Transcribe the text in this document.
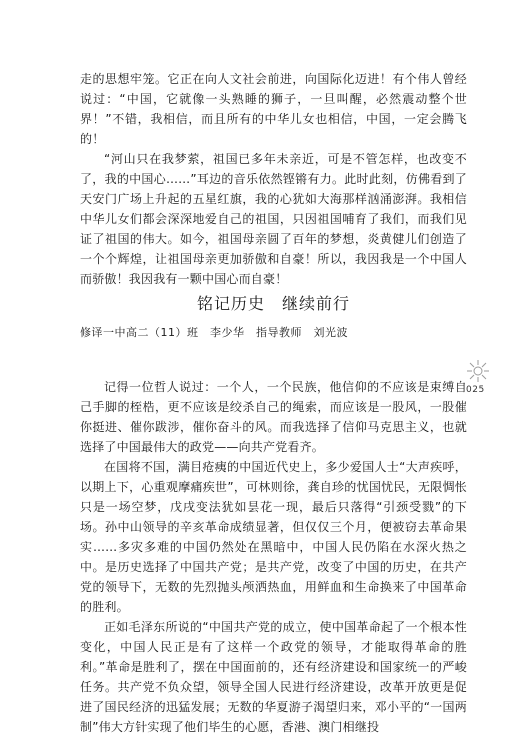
走的思想牢笼。它正在向人文社会前进，向国际化迈进！有个伟人曾经说过：“中国，它就像一头熟睡的狮子，一旦叫醒，必然震动整个世界！”不错，我相信，而且所有的中华儿女也相信，中国，一定会腾飞的！

“河山只在我梦萦，祖国已多年未亲近，可是不管怎样，也改变不了，我的中国心……”耳边的音乐依然铿锵有力。此时此刻，仿佛看到了天安门广场上升起的五星红旗，我的心犹如大海那样汹涌澎湃。我相信中华儿女们都会深深地爱自己的祖国，只因祖国哺育了我们，而我们见证了祖国的伟大。如今，祖国母亲圆了百年的梦想，炎黄健儿们创造了一个个辉煌，让祖国母亲更加骄傲和自豪！所以，我因我是一个中国人而骄傲！我因我有一颗中国心而自豪！

铭记历史　继续前行

修译一中高二（11）班　李少华　指导教师　刘光波

025

记得一位哲人说过：一个人，一个民族，他信仰的不应该是束缚自己手脚的桎梏，更不应该是绞杀自己的绳索，而应该是一股风，一股催你挺进、催你跋涉，催你奋斗的风。而我选择了信仰马克思主义，也就选择了中国最伟大的政党——向共产党看齐。

在国将不国，满目疮痍的中国近代史上，多少爱国人士“大声疾呼，以期上下，心重观摩痛疾世”，可林则徐，龚自珍的忧国忧民，无限惆怅只是一场空梦，戊戌变法犹如昙花一现，最后只落得“引颈受戮”的下场。孙中山领导的辛亥革命成绩显著，但仅仅三个月，便被窃去革命果实……多灾多难的中国仍然处在黑暗中，中国人民仍陷在水深火热之中。是历史选择了中国共产党；是共产党，改变了中国的历史，在共产党的领导下，无数的先烈抛头颅洒热血，用鲜血和生命换来了中国革命的胜利。

正如毛泽东所说的“中国共产党的成立，使中国革命起了一个根本性变化，中国人民正是有了这样一个政党的领导，才能取得革命的胜利。”革命是胜利了，摆在中国面前的，还有经济建设和国家统一的严峻任务。共产党不负众望，领导全国人民进行经济建设，改革开放更是促进了国民经济的迅猛发展；无数的华夏游子渴望归来，邓小平的“一国两制”伟大方针实现了他们毕生的心愿，香港、澳门相继投
